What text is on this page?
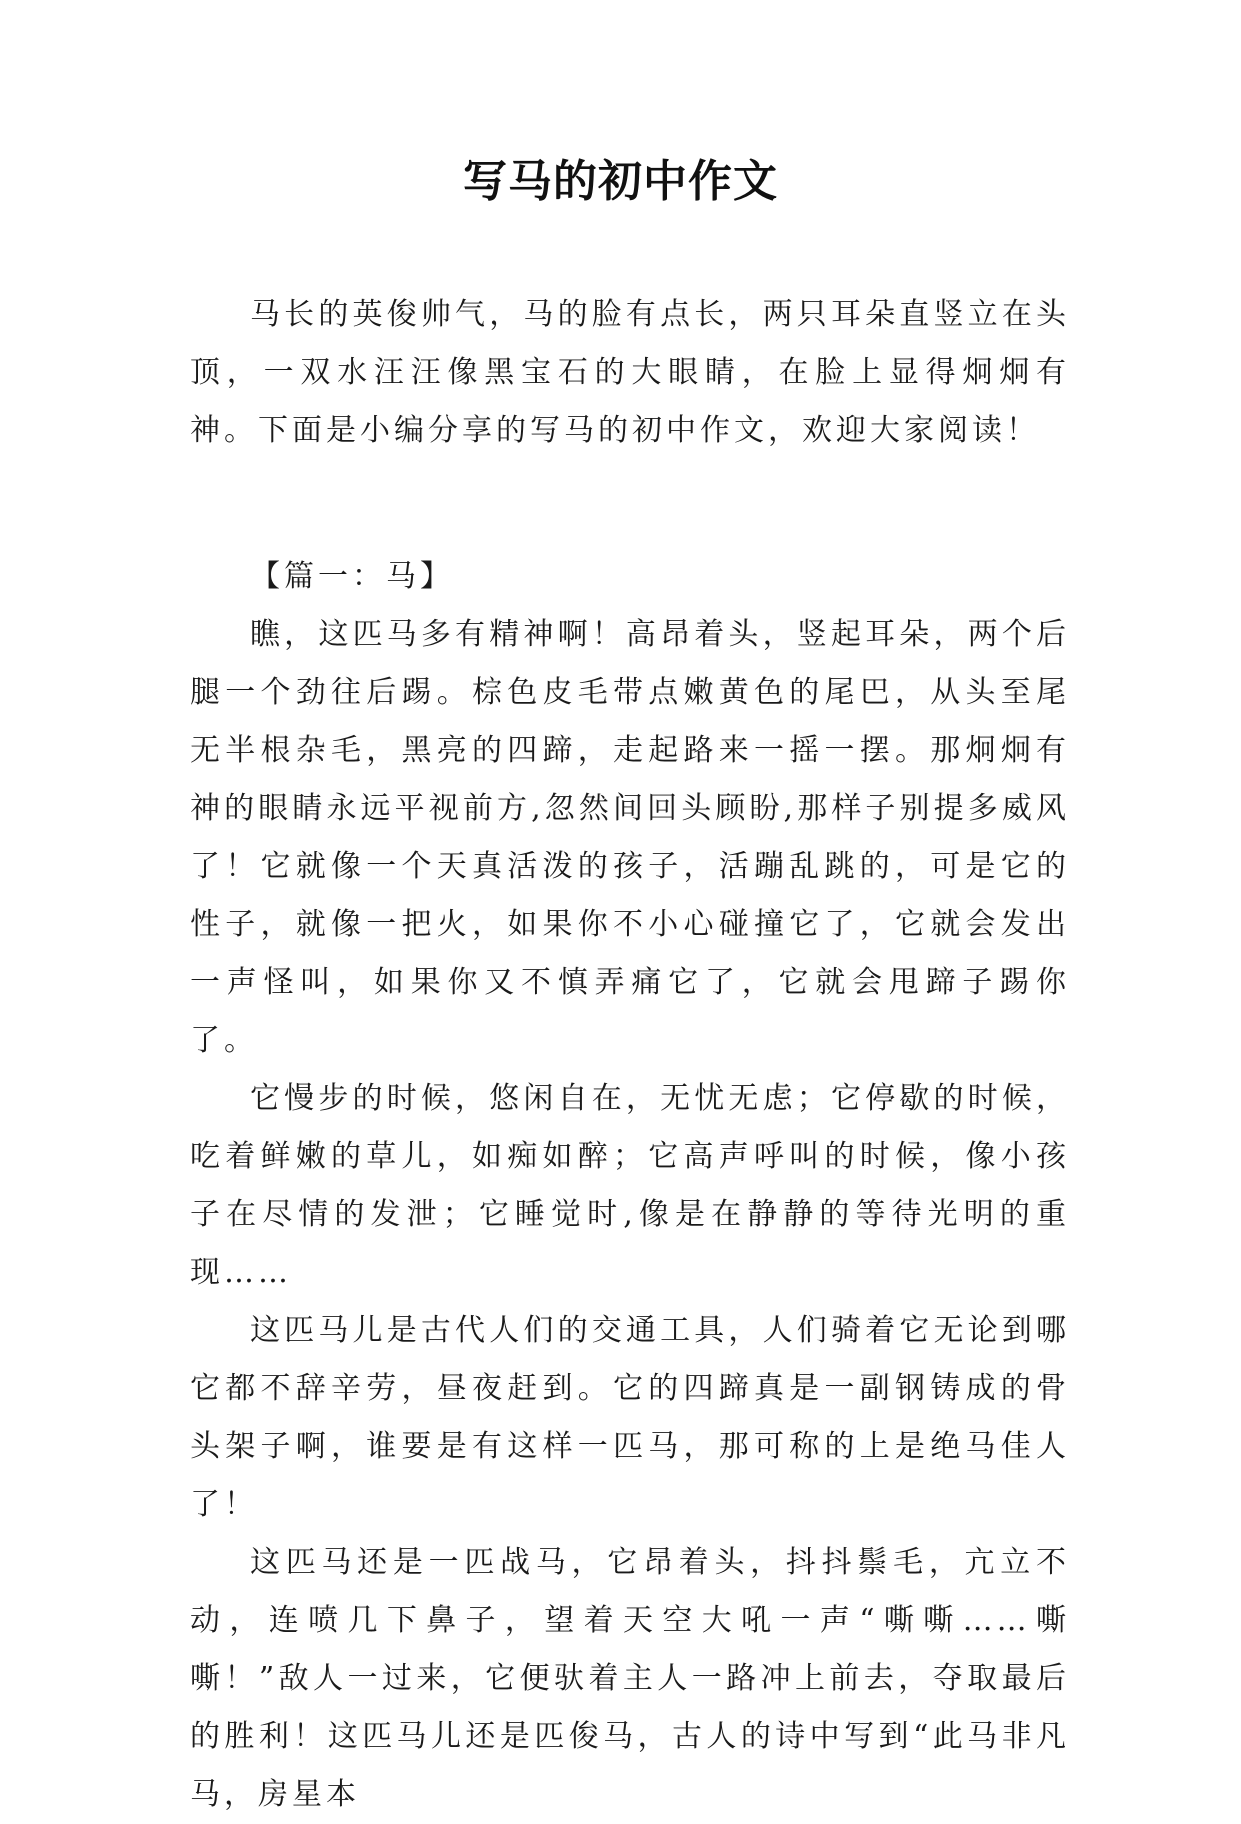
写马的初中作文

马长的英俊帅气，马的脸有点长，两只耳朵直竖立在头顶，一双水汪汪像黑宝石的大眼睛，在脸上显得炯炯有神。下面是小编分享的写马的初中作文，欢迎大家阅读！

【篇一：马】

瞧，这匹马多有精神啊！高昂着头，竖起耳朵，两个后腿一个劲往后踢。棕色皮毛带点嫩黄色的尾巴，从头至尾无半根杂毛，黑亮的四蹄，走起路来一摇一摆。那炯炯有神的眼睛永远平视前方,忽然间回头顾盼,那样子别提多威风了！它就像一个天真活泼的孩子，活蹦乱跳的，可是它的性子，就像一把火，如果你不小心碰撞它了，它就会发出一声怪叫，如果你又不慎弄痛它了，它就会甩蹄子踢你了。

它慢步的时候，悠闲自在，无忧无虑；它停歇的时候，吃着鲜嫩的草儿，如痴如醉；它高声呼叫的时候，像小孩子在尽情的发泄；它睡觉时,像是在静静的等待光明的重现……

这匹马儿是古代人们的交通工具，人们骑着它无论到哪它都不辞辛劳，昼夜赶到。它的四蹄真是一副钢铸成的骨头架子啊，谁要是有这样一匹马，那可称的上是绝马佳人了！

这匹马还是一匹战马，它昂着头，抖抖鬃毛，亢立不动，连喷几下鼻子，望着天空大吼一声“嘶嘶……嘶嘶！”敌人一过来，它便驮着主人一路冲上前去，夺取最后的胜利！这匹马儿还是匹俊马，古人的诗中写到“此马非凡马，房星本
